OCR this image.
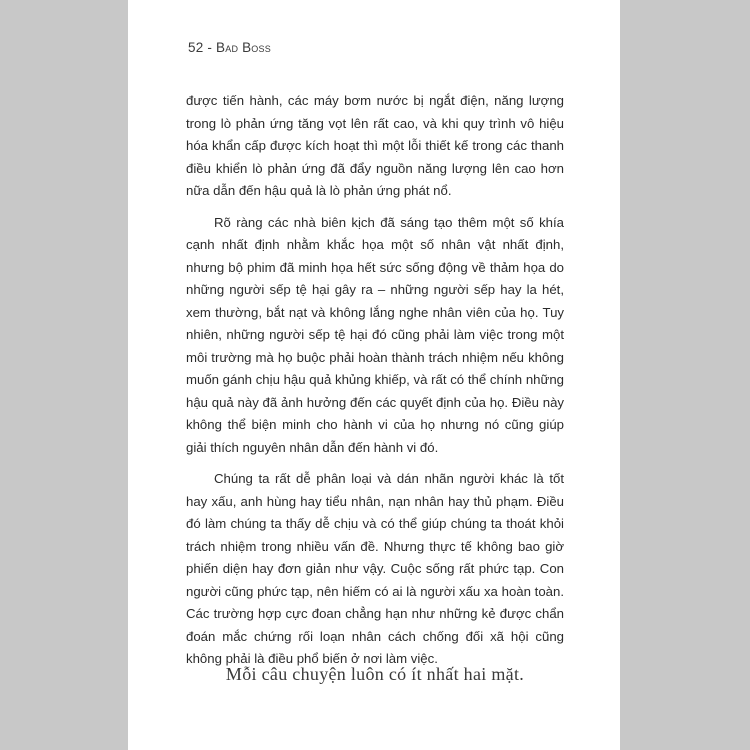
52 - Bad Boss

được tiến hành, các máy bơm nước bị ngắt điện, năng lượng trong lò phản ứng tăng vọt lên rất cao, và khi quy trình vô hiệu hóa khẩn cấp được kích hoạt thì một lỗi thiết kế trong các thanh điều khiển lò phản ứng đã đẩy nguồn năng lượng lên cao hơn nữa dẫn đến hậu quả là lò phản ứng phát nổ.

Rõ ràng các nhà biên kịch đã sáng tạo thêm một số khía cạnh nhất định nhằm khắc họa một số nhân vật nhất định, nhưng bộ phim đã minh họa hết sức sống động về thảm họa do những người sếp tệ hại gây ra – những người sếp hay la hét, xem thường, bắt nạt và không lắng nghe nhân viên của họ. Tuy nhiên, những người sếp tệ hại đó cũng phải làm việc trong một môi trường mà họ buộc phải hoàn thành trách nhiệm nếu không muốn gánh chịu hậu quả khủng khiếp, và rất có thể chính những hậu quả này đã ảnh hưởng đến các quyết định của họ. Điều này không thể biện minh cho hành vi của họ nhưng nó cũng giúp giải thích nguyên nhân dẫn đến hành vi đó.

Chúng ta rất dễ phân loại và dán nhãn người khác là tốt hay xấu, anh hùng hay tiểu nhân, nạn nhân hay thủ phạm. Điều đó làm chúng ta thấy dễ chịu và có thể giúp chúng ta thoát khỏi trách nhiệm trong nhiều vấn đề. Nhưng thực tế không bao giờ phiến diện hay đơn giản như vậy. Cuộc sống rất phức tạp. Con người cũng phức tạp, nên hiếm có ai là người xấu xa hoàn toàn. Các trường hợp cực đoan chẳng hạn như những kẻ được chẩn đoán mắc chứng rối loạn nhân cách chống đối xã hội cũng không phải là điều phổ biến ở nơi làm việc.

Mỗi câu chuyện luôn có ít nhất hai mặt.
